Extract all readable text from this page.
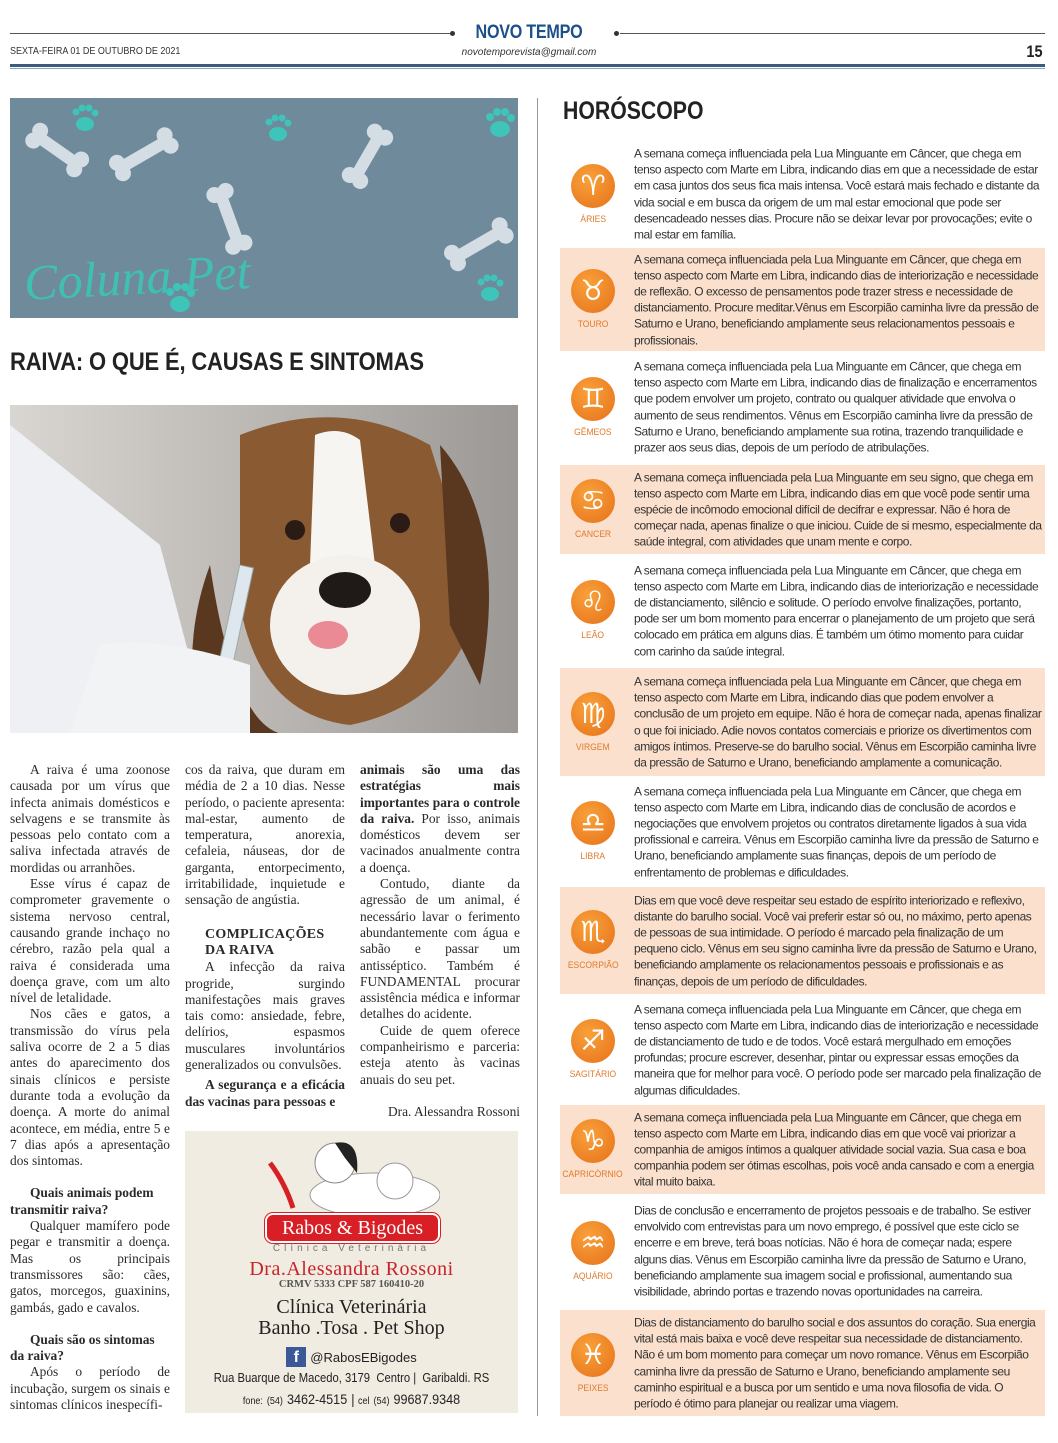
NOVO TEMPO
SEXTA-FEIRA 01 DE OUTUBRO DE 2021	novotemporevista@gmail.com	15
Coluna Pet
RAIVA: O QUE É, CAUSAS E SINTOMAS

A raiva é uma zoonose causada por um vírus que infecta animais domésticos e selvagens e se transmite às pessoas pelo contato com a saliva infectada através de mordidas ou arranhões.

Esse vírus é capaz de comprometer gravemente o sistema nervoso central, causando grande inchaço no cérebro, razão pela qual a raiva é considerada uma doença grave, com um alto nível de letalidade.

Nos cães e gatos, a transmissão do vírus pela saliva ocorre de 2 a 5 dias antes do aparecimento dos sinais clínicos e persiste durante toda a evolução da doença. A morte do animal acontece, em média, entre 5 e 7 dias após a apresentação dos sintomas.

Quais animais podem transmitir raiva?

Qualquer mamífero pode pegar e transmitir a doença. Mas os principais transmissores são: cães, gatos, morcegos, guaxinins, gambás, gado e cavalos.

Quais são os sintomas da raiva?

Após o período de incubação, surgem os sinais e sintomas clínicos inespecífi-

cos da raiva, que duram em média de 2 a 10 dias. Nesse período, o paciente apresenta: mal-estar, aumento de temperatura, anorexia, cefaleia, náuseas, dor de garganta, entorpecimento, irritabilidade, inquietude e sensação de angústia.

COMPLICAÇÕES DA RAIVA

A infecção da raiva progride, surgindo manifestações mais graves tais como: ansiedade, febre, delírios, espasmos musculares involuntários generalizados ou convulsões.

A segurança e a eficácia das vacinas para pessoas e

animais são uma das estratégias mais importantes para o controle da raiva. Por isso, animais domésticos devem ser vacinados anualmente contra a doença.

Contudo, diante da agressão de um animal, é necessário lavar o ferimento abundantemente com água e sabão e passar um antisséptico. Também é FUNDAMENTAL procurar assistência médica e informar detalhes do acidente.

Cuide de quem oferece companheirismo e parceria: esteja atento às vacinas anuais do seu pet.

Dra. Alessandra Rossoni

Rabos & Bigodes
Clínica Veterinária
Dra.Alessandra Rossoni
CRMV 5333 CPF 587 160410-20
Clínica Veterinária
Banho .Tosa . Pet Shop
f @RabosEBigodes
Rua Buarque de Macedo, 3179  Centro |  Garibaldi. RS
fone: (54) 3462-4515 | cel (54) 99687.9348
HORÓSCOPO
♈
ÁRIES
A semana começa influenciada pela Lua Minguante em Câncer, que chega em tenso aspecto com Marte em Libra, indicando dias em que a necessidade de estar em casa juntos dos seus fica mais intensa. Você estará mais fechado e distante da vida social e em busca da origem de um mal estar emocional que pode ser desencadeado nesses dias. Procure não se deixar levar por provocações; evite o mal estar em família.
♉
TOURO
A semana começa influenciada pela Lua Minguante em Câncer, que chega em tenso aspecto com Marte em Libra, indicando dias de interiorização e necessidade de reflexão. O excesso de pensamentos pode trazer stress e necessidade de distanciamento. Procure meditar.Vênus em Escorpião caminha livre da pressão de Saturno e Urano, beneficiando amplamente seus relacionamentos pessoais e profissionais.
♊
GÊMEOS
A semana começa influenciada pela Lua Minguante em Câncer, que chega em tenso aspecto com Marte em Libra, indicando dias de finalização e encerramentos que podem envolver um projeto, contrato ou qualquer atividade que envolva o aumento de seus rendimentos. Vênus em Escorpião caminha livre da pressão de Saturno e Urano, beneficiando amplamente sua rotina, trazendo tranquilidade e prazer aos seus dias, depois de um período de atribulações.
♋
CANCER
A semana começa influenciada pela Lua Minguante em seu signo, que chega em tenso aspecto com Marte em Libra, indicando dias em que você pode sentir uma espécie de incômodo emocional difícil de decifrar e expressar. Não é hora de começar nada, apenas finalize o que iniciou. Cuide de si mesmo, especialmente da saúde integral, com atividades que unam mente e corpo.
♌
LEÃO
A semana começa influenciada pela Lua Minguante em Câncer, que chega em tenso aspecto com Marte em Libra, indicando dias de interiorização e necessidade de distanciamento, silêncio e solitude. O período envolve finalizações, portanto, pode ser um bom momento para encerrar o planejamento de um projeto que será colocado em prática em alguns dias. É também um ótimo momento para cuidar com carinho da saúde integral.
♍
VIRGEM
A semana começa influenciada pela Lua Minguante em Câncer, que chega em tenso aspecto com Marte em Libra, indicando dias que podem envolver a conclusão de um projeto em equipe. Não é hora de começar nada, apenas finalizar o que foi iniciado. Adie novos contatos comerciais e priorize os divertimentos com amigos íntimos. Preserve-se do barulho social. Vênus em Escorpião caminha livre da pressão de Saturno e Urano, beneficiando amplamente a comunicação.
♎
LIBRA
A semana começa influenciada pela Lua Minguante em Câncer, que chega em tenso aspecto com Marte em Libra, indicando dias de conclusão de acordos e negociações que envolvem projetos ou contratos diretamente ligados à sua vida profissional e carreira. Vênus em Escorpião caminha livre da pressão de Saturno e Urano, beneficiando amplamente suas finanças, depois de um período de enfrentamento de problemas e dificuldades.
♏
ESCORPIÃO
Dias em que você deve respeitar seu estado de espírito interiorizado e reflexivo, distante do barulho social. Você vai preferir estar só ou, no máximo, perto apenas de pessoas de sua intimidade. O período é marcado pela finalização de um pequeno ciclo. Vênus em seu signo caminha livre da pressão de Saturno e Urano, beneficiando amplamente os relacionamentos pessoais e profissionais e as finanças, depois de um período de dificuldades.
♐
SAGITÁRIO
A semana começa influenciada pela Lua Minguante em Câncer, que chega em tenso aspecto com Marte em Libra, indicando dias de interiorização e necessidade de distanciamento de tudo e de todos. Você estará mergulhado em emoções profundas; procure escrever, desenhar, pintar ou expressar essas emoções da maneira que for melhor para você. O período pode ser marcado pela finalização de algumas dificuldades.
♑
CAPRICÓRNIO
A semana começa influenciada pela Lua Minguante em Câncer, que chega em tenso aspecto com Marte em Libra, indicando dias em que você vai priorizar a companhia de amigos íntimos a qualquer atividade social vazia. Sua casa e boa companhia podem ser ótimas escolhas, pois você anda cansado e com a energia vital muito baixa.
♒
AQUÁRIO
Dias de conclusão e encerramento de projetos pessoais e de trabalho. Se estiver envolvido com entrevistas para um novo emprego, é possível que este ciclo se encerre e em breve, terá boas notícias. Não é hora de começar nada; espere alguns dias. Vênus em Escorpião caminha livre da pressão de Saturno e Urano, beneficiando amplamente sua imagem social e profissional, aumentando sua visibilidade, abrindo portas e trazendo novas oportunidades na carreira.
♓
PEIXES
Dias de distanciamento do barulho social e dos assuntos do coração. Sua energia vital está mais baixa e você deve respeitar sua necessidade de distanciamento. Não é um bom momento para começar um novo romance. Vênus em Escorpião caminha livre da pressão de Saturno e Urano, beneficiando amplamente seu caminho espiritual e a busca por um sentido e uma nova filosofia de vida. O período é ótimo para planejar ou realizar uma viagem.
